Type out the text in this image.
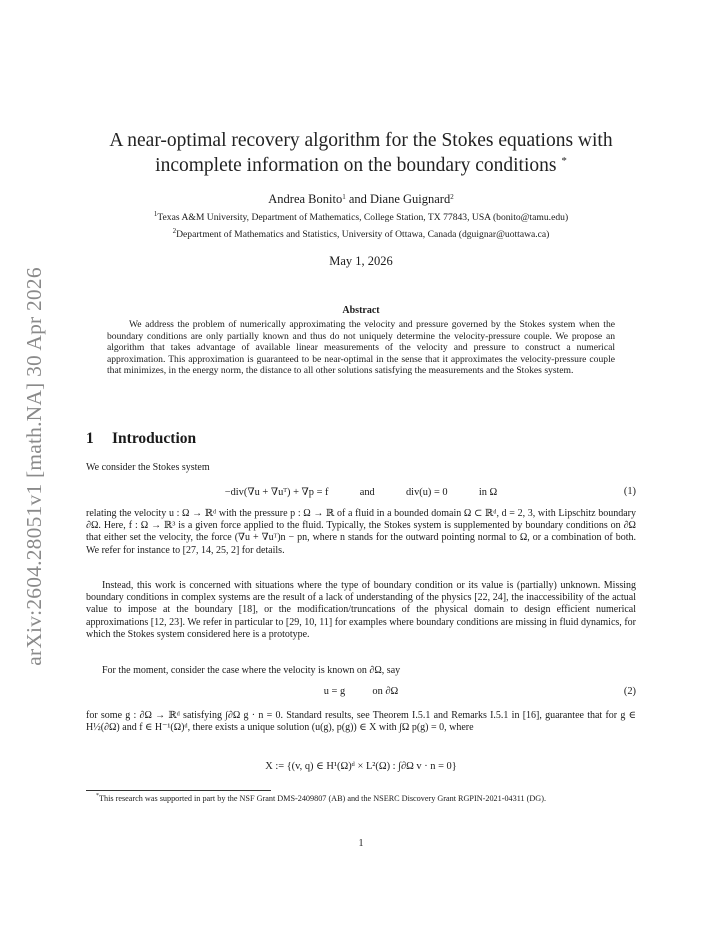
arXiv:2604.28051v1 [math.NA] 30 Apr 2026
A near-optimal recovery algorithm for the Stokes equations with
incomplete information on the boundary conditions *
Andrea Bonito$^1$ and Diane Guignard$^2$
$^1$Texas A&M University, Department of Mathematics, College Station, TX 77843, USA (bonito@tamu.edu)
$^2$Department of Mathematics and Statistics, University of Ottawa, Canada (dguignar@uottawa.ca)
May 1, 2026
Abstract
We address the problem of numerically approximating the velocity and pressure governed by the Stokes system when the boundary conditions are only partially known and thus do not uniquely determine the velocity-pressure couple. We propose an algorithm that takes advantage of available linear measurements of the velocity and pressure to construct a numerical approximation. This approximation is guaranteed to be near-optimal in the sense that it approximates the velocity-pressure couple that minimizes, in the energy norm, the distance to all other solutions satisfying the measurements and the Stokes system.
1 Introduction
We consider the Stokes system
−div(∇u + ∇uᵀ) + ∇p = f	and	div(u) = 0	in Ω	(1)
relating the velocity u : Ω → ℝᵈ with the pressure p : Ω → ℝ of a fluid in a bounded domain Ω ⊂ ℝᵈ, d = 2, 3, with Lipschitz boundary ∂Ω. Here, f : Ω → ℝ³ is a given force applied to the fluid. Typically, the Stokes system is supplemented by boundary conditions on ∂Ω that either set the velocity, the force (∇u + ∇uᵀ)n − pn, where n stands for the outward pointing normal to Ω, or a combination of both. We refer for instance to [27, 14, 25, 2] for details.
Instead, this work is concerned with situations where the type of boundary condition or its value is (partially) unknown. Missing boundary conditions in complex systems are the result of a lack of understanding of the physics [22, 24], the inaccessibility of the actual value to impose at the boundary [18], or the modification/truncations of the physical domain to design efficient numerical approximations [12, 23]. We refer in particular to [29, 10, 11] for examples where boundary conditions are missing in fluid dynamics, for which the Stokes system considered here is a prototype.
For the moment, consider the case where the velocity is known on ∂Ω, say
u = g	on ∂Ω	(2)
for some g : ∂Ω → ℝᵈ satisfying ∫∂Ω g · n = 0. Standard results, see Theorem I.5.1 and Remarks I.5.1 in [16], guarantee that for g ∈ H½(∂Ω) and f ∈ H⁻¹(Ω)ᵈ, there exists a unique solution (u(g), p(g)) ∈ X with ∫Ω p(g) = 0, where
X := {(v, q) ∈ H¹(Ω)ᵈ × L²(Ω) : ∫∂Ω v · n = 0}
*This research was supported in part by the NSF Grant DMS-2409807 (AB) and the NSERC Discovery Grant RGPIN-2021-04311 (DG).
1
